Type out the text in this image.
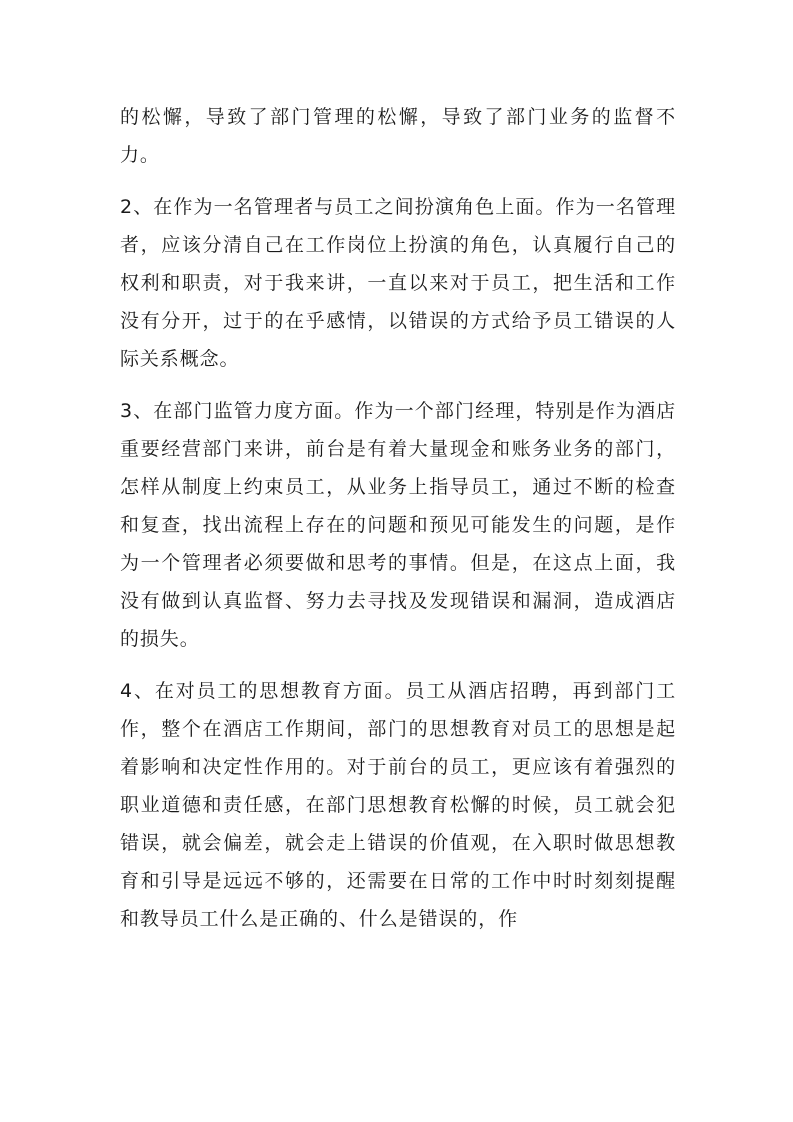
的松懈，导致了部门管理的松懈，导致了部门业务的监督不力。

2、在作为一名管理者与员工之间扮演角色上面。作为一名管理者，应该分清自己在工作岗位上扮演的角色，认真履行自己的权利和职责，对于我来讲，一直以来对于员工，把生活和工作没有分开，过于的在乎感情，以错误的方式给予员工错误的人际关系概念。

3、在部门监管力度方面。作为一个部门经理，特别是作为酒店重要经营部门来讲，前台是有着大量现金和账务业务的部门，怎样从制度上约束员工，从业务上指导员工，通过不断的检查和复查，找出流程上存在的问题和预见可能发生的问题，是作为一个管理者必须要做和思考的事情。但是，在这点上面，我没有做到认真监督、努力去寻找及发现错误和漏洞，造成酒店的损失。

4、在对员工的思想教育方面。员工从酒店招聘，再到部门工作，整个在酒店工作期间，部门的思想教育对员工的思想是起着影响和决定性作用的。对于前台的员工，更应该有着强烈的职业道德和责任感，在部门思想教育松懈的时候，员工就会犯错误，就会偏差，就会走上错误的价值观，在入职时做思想教育和引导是远远不够的，还需要在日常的工作中时时刻刻提醒和教导员工什么是正确的、什么是错误的，作
